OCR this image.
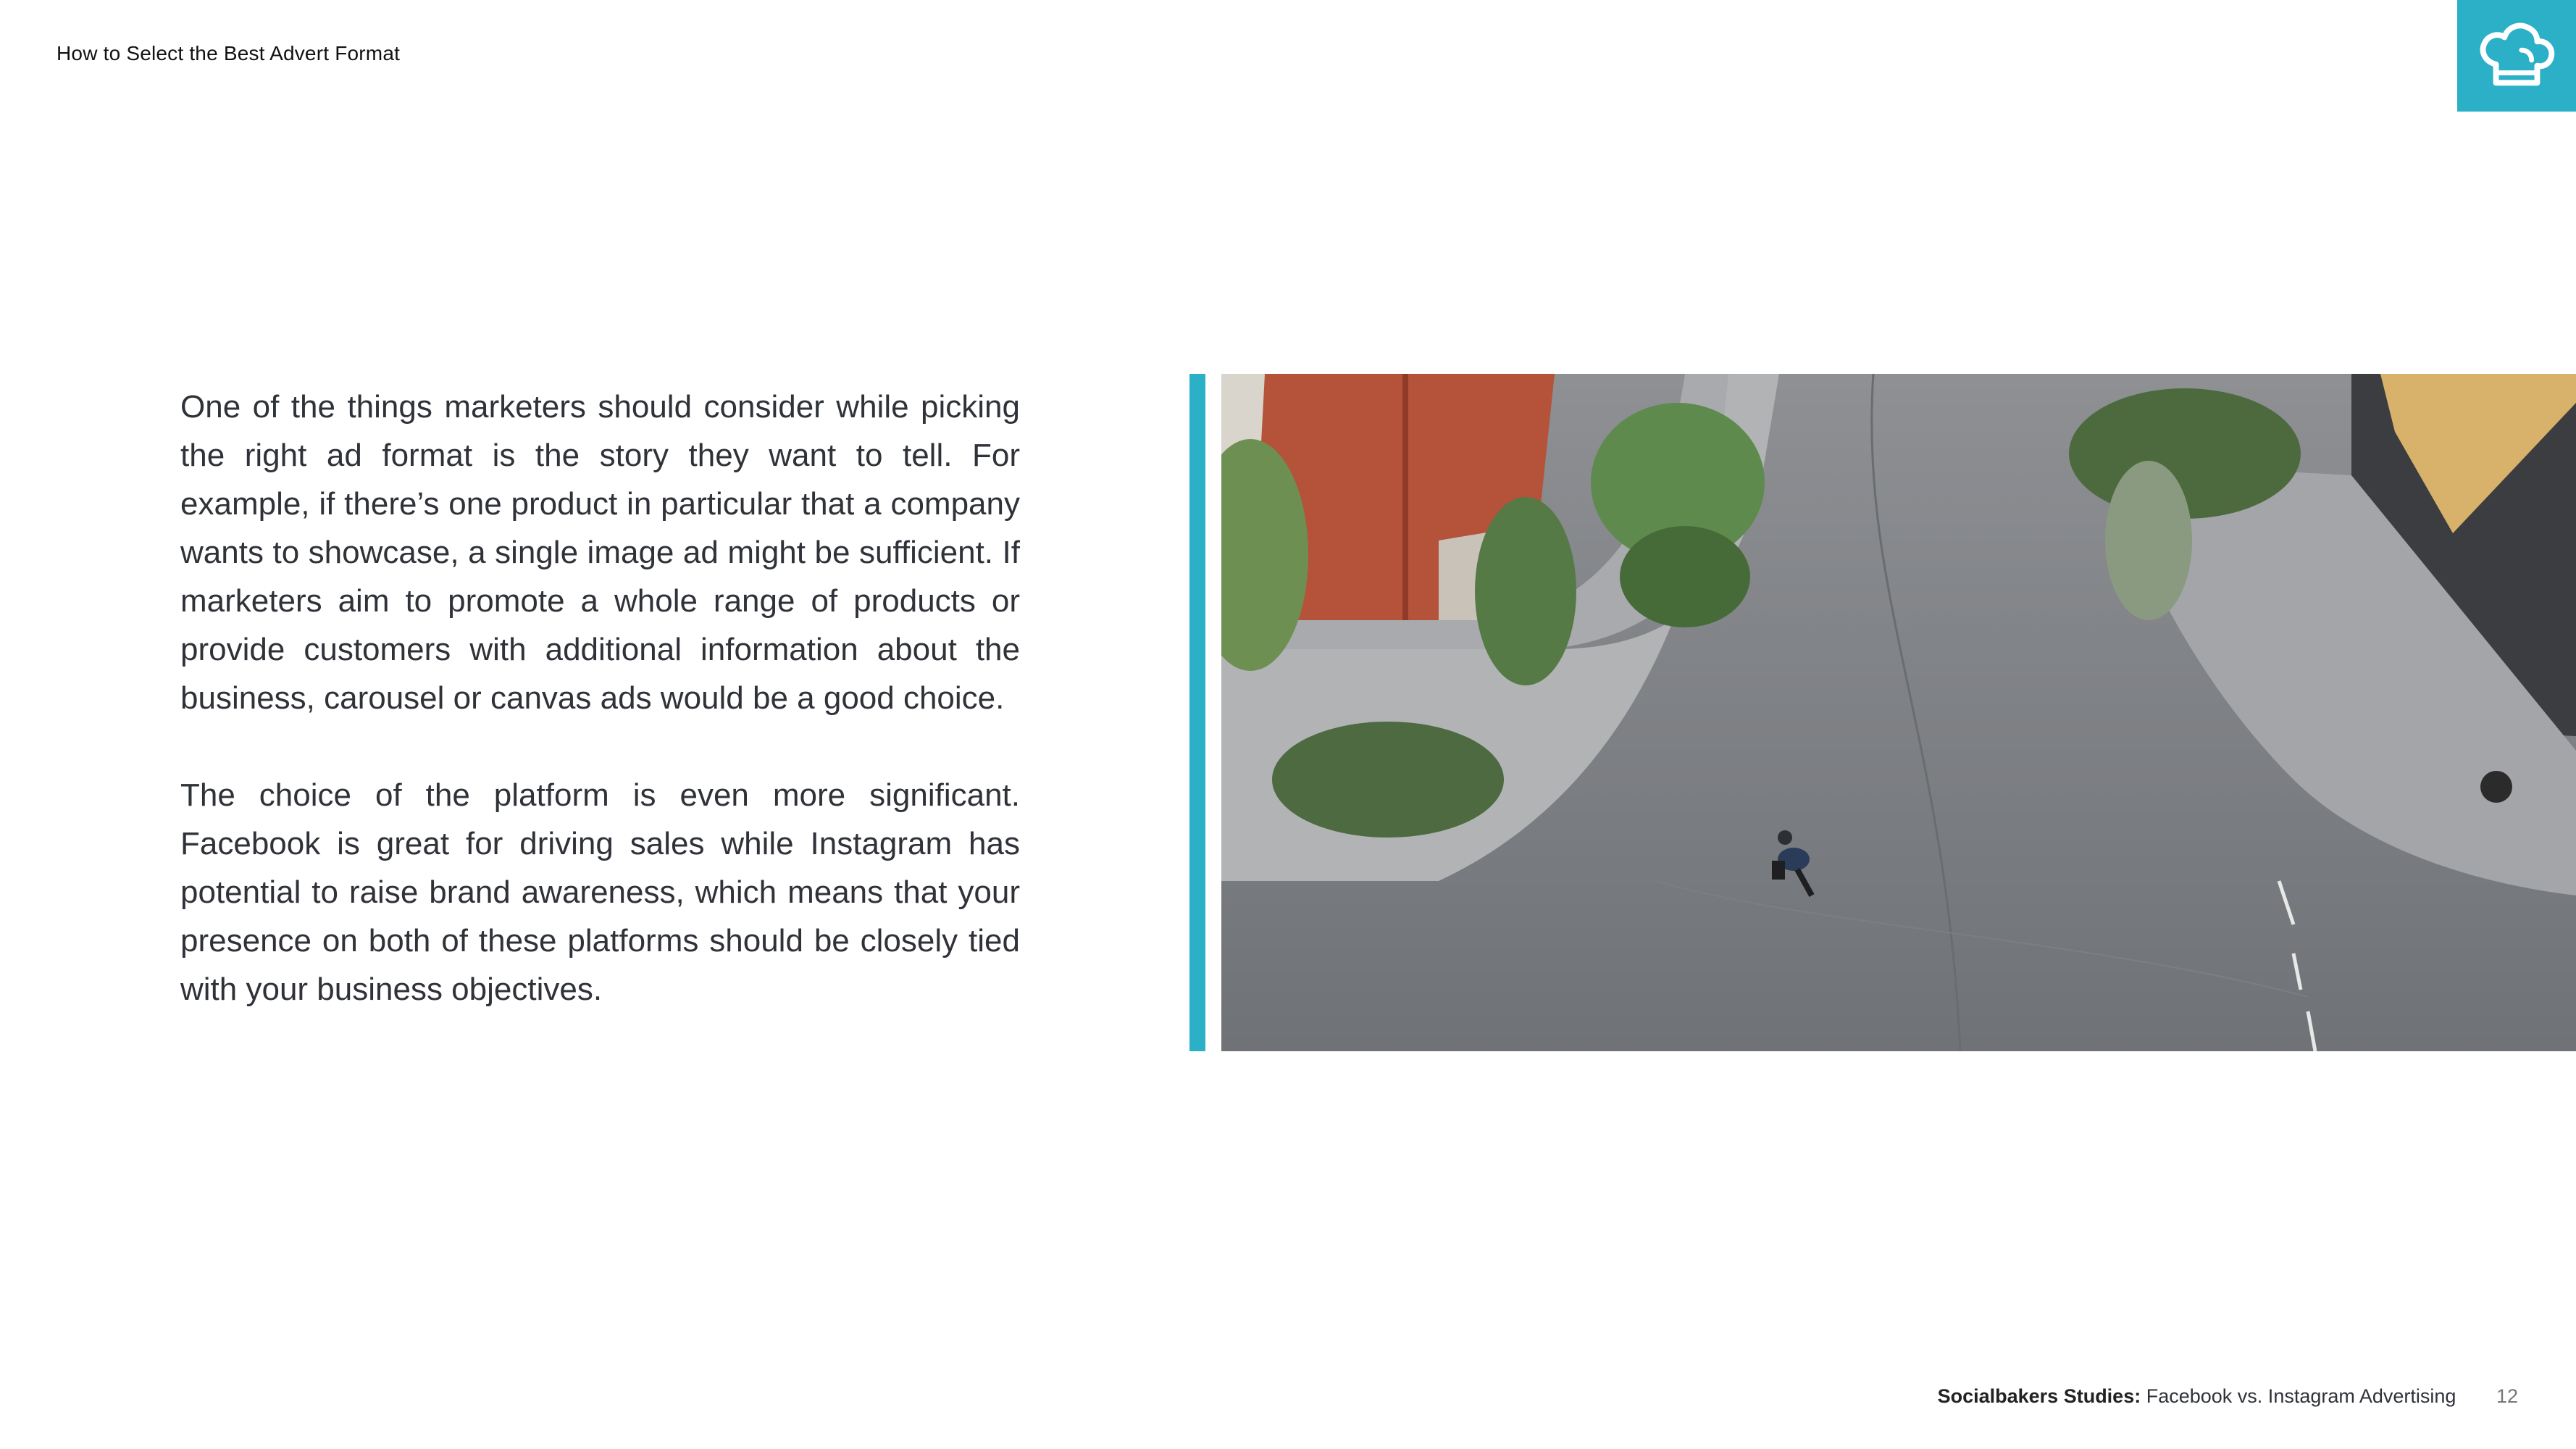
How to Select the Best Advert Format

One of the things marketers should consider while picking the right ad format is the story they want to tell. For example, if there’s one product in particular that a company wants to showcase, a single image ad might be sufficient. If marketers aim to promote a whole range of products or provide customers with additional information about the business, carousel or canvas ads would be a good choice.

The choice of the platform is even more significant. Facebook is great for driving sales while Instagram has potential to raise brand awareness, which means that your presence on both of these platforms should be closely tied with your business objectives.

Socialbakers Studies: Facebook vs. Instagram Advertising 12
